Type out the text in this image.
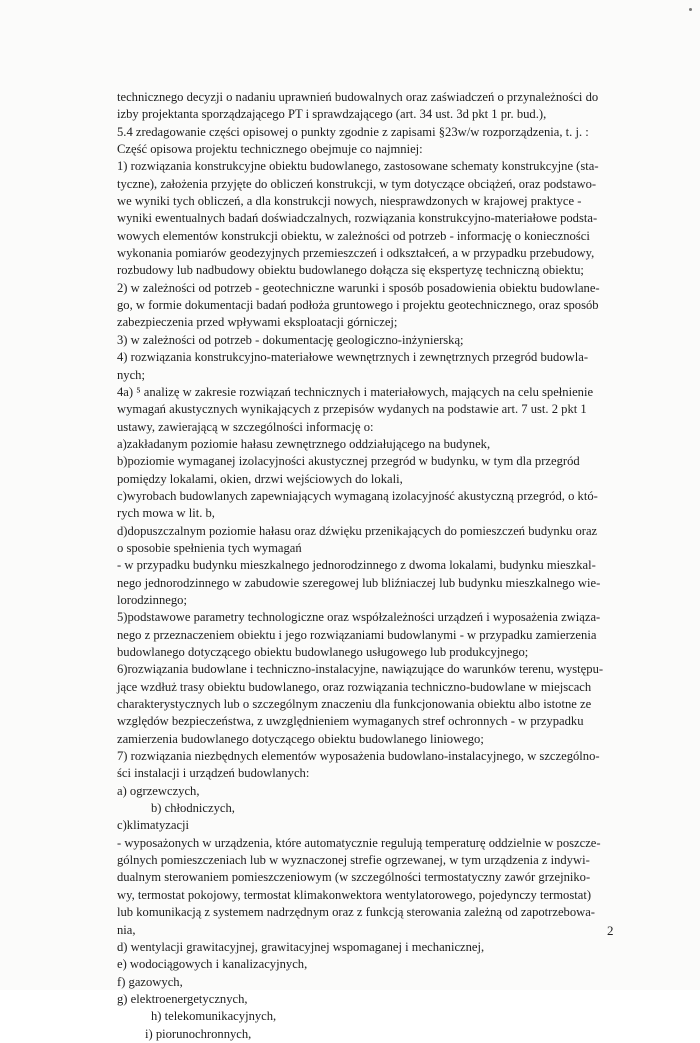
technicznego decyzji o nadaniu uprawnień budowalnych oraz zaświadczeń o przynależności do

izby projektanta sporządzającego PT i sprawdzającego (art. 34 ust. 3d pkt 1 pr. bud.),

5.4 zredagowanie części opisowej o punkty zgodnie z zapisami §23w/w rozporządzenia, t. j. :

Część opisowa projektu technicznego obejmuje co najmniej:

1) rozwiązania konstrukcyjne obiektu budowlanego, zastosowane schematy konstrukcyjne (sta-

tyczne), założenia przyjęte do obliczeń konstrukcji, w tym dotyczące obciążeń, oraz podstawo-

we wyniki tych obliczeń, a dla konstrukcji nowych, niesprawdzonych w krajowej praktyce -

wyniki ewentualnych badań doświadczalnych, rozwiązania konstrukcyjno-materiałowe podsta-

wowych elementów konstrukcji obiektu, w zależności od potrzeb - informację o konieczności

wykonania pomiarów geodezyjnych przemieszczeń i odkształceń, a w przypadku przebudowy,

rozbudowy lub nadbudowy obiektu budowlanego dołącza się ekspertyzę techniczną obiektu;

2) w zależności od potrzeb - geotechniczne warunki i sposób posadowienia obiektu budowlane-

go, w formie dokumentacji badań podłoża gruntowego i projektu geotechnicznego, oraz sposób

zabezpieczenia przed wpływami eksploatacji górniczej;

3) w zależności od potrzeb - dokumentację geologiczno-inżynierską;

4) rozwiązania konstrukcyjno-materiałowe wewnętrznych i zewnętrznych przegród budowla-

nych;

4a) ⁵ analizę w zakresie rozwiązań technicznych i materiałowych, mających na celu spełnienie

wymagań akustycznych wynikających z przepisów wydanych na podstawie art. 7 ust. 2 pkt 1

ustawy, zawierającą w szczególności informację o:

a)zakładanym poziomie hałasu zewnętrznego oddziałującego na budynek,

b)poziomie wymaganej izolacyjności akustycznej przegród w budynku, w tym dla przegród

pomiędzy lokalami, okien, drzwi wejściowych do lokali,

c)wyrobach budowlanych zapewniających wymaganą izolacyjność akustyczną przegród, o któ-

rych mowa w lit. b,

d)dopuszczalnym poziomie hałasu oraz dźwięku przenikających do pomieszczeń budynku oraz

o sposobie spełnienia tych wymagań

- w przypadku budynku mieszkalnego jednorodzinnego z dwoma lokalami, budynku mieszkal-

nego jednorodzinnego w zabudowie szeregowej lub bliźniaczej lub budynku mieszkalnego wie-

lorodzinnego;

5)podstawowe parametry technologiczne oraz współzależności urządzeń i wyposażenia związa-

nego z przeznaczeniem obiektu i jego rozwiązaniami budowlanymi - w przypadku zamierzenia

budowlanego dotyczącego obiektu budowlanego usługowego lub produkcyjnego;

6)rozwiązania budowlane i techniczno-instalacyjne, nawiązujące do warunków terenu, występu-

jące wzdłuż trasy obiektu budowlanego, oraz rozwiązania techniczno-budowlane w miejscach

charakterystycznych lub o szczególnym znaczeniu dla funkcjonowania obiektu albo istotne ze

względów bezpieczeństwa, z uwzględnieniem wymaganych stref ochronnych - w przypadku

zamierzenia budowlanego dotyczącego obiektu budowlanego liniowego;

7) rozwiązania niezbędnych elementów wyposażenia budowlano-instalacyjnego, w szczególno-

ści instalacji i urządzeń budowlanych:

a) ogrzewczych,

b) chłodniczych,

c)klimatyzacji

- wyposażonych w urządzenia, które automatycznie regulują temperaturę oddzielnie w poszcze-

gólnych pomieszczeniach lub w wyznaczonej strefie ogrzewanej, w tym urządzenia z indywi-

dualnym sterowaniem pomieszczeniowym (w szczególności termostatyczny zawór grzejniko-

wy, termostat pokojowy, termostat klimakonwektora wentylatorowego, pojedynczy termostat)

lub komunikacją z systemem nadrzędnym oraz z funkcją sterowania zależną od zapotrzebowa-

nia,

d) wentylacji grawitacyjnej, grawitacyjnej wspomaganej i mechanicznej,

e) wodociągowych i kanalizacyjnych,

f) gazowych,

g) elektroenergetycznych,

h) telekomunikacyjnych,

i) piorunochronnych,

2
